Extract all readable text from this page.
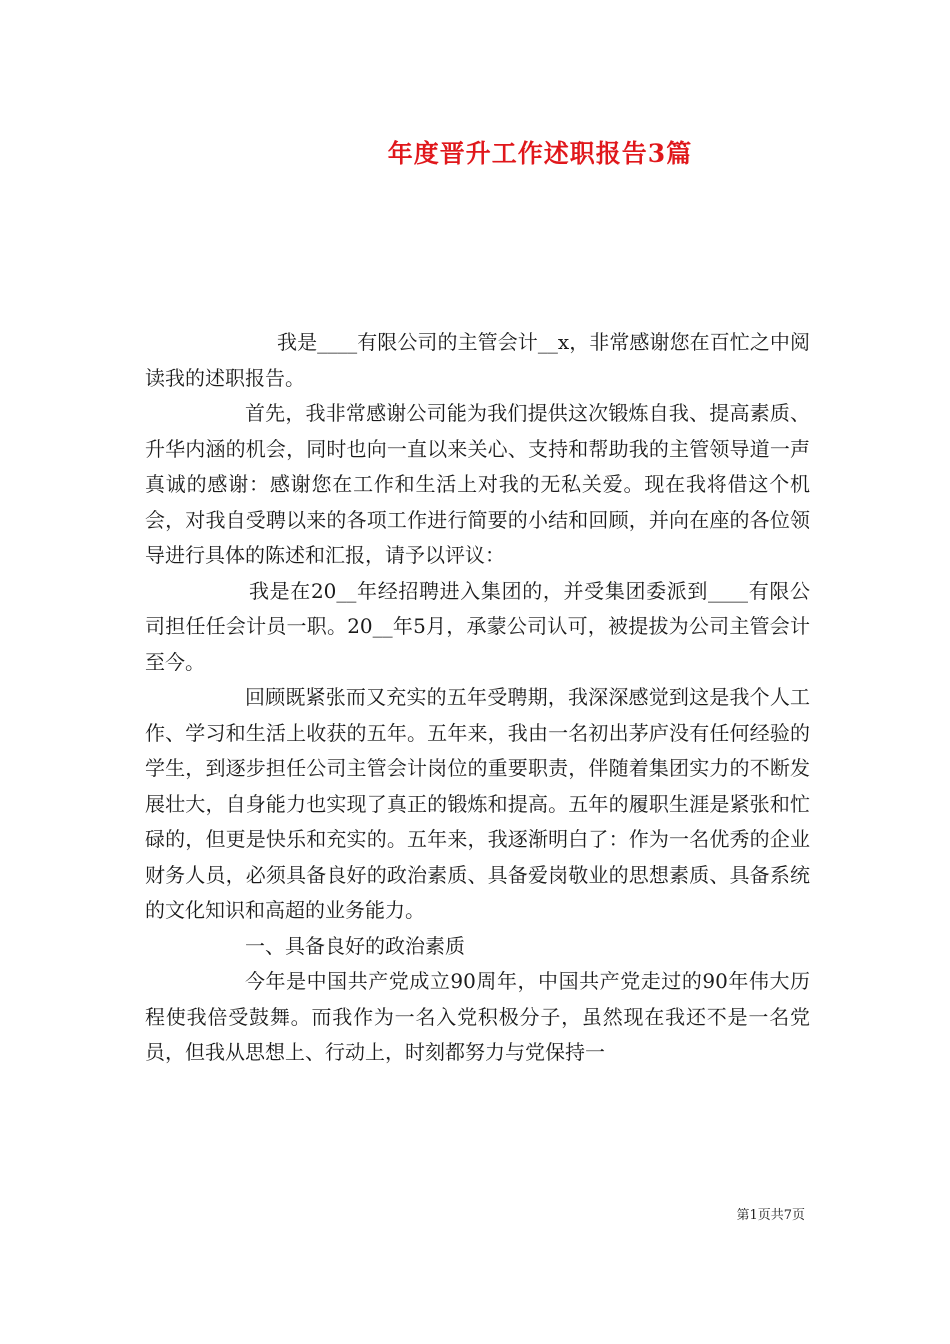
年度晋升工作述职报告3篇

我是____有限公司的主管会计__x，非常感谢您在百忙之中阅读我的述职报告。

首先，我非常感谢公司能为我们提供这次锻炼自我、提高素质、升华内涵的机会，同时也向一直以来关心、支持和帮助我的主管领导道一声真诚的感谢：感谢您在工作和生活上对我的无私关爱。现在我将借这个机会，对我自受聘以来的各项工作进行简要的小结和回顾，并向在座的各位领导进行具体的陈述和汇报，请予以评议：

我是在20__年经招聘进入集团的，并受集团委派到____有限公司担任任会计员一职。20__年5月，承蒙公司认可，被提拔为公司主管会计至今。

回顾既紧张而又充实的五年受聘期，我深深感觉到这是我个人工作、学习和生活上收获的五年。五年来，我由一名初出茅庐没有任何经验的学生，到逐步担任公司主管会计岗位的重要职责，伴随着集团实力的不断发展壮大，自身能力也实现了真正的锻炼和提高。五年的履职生涯是紧张和忙碌的，但更是快乐和充实的。五年来，我逐渐明白了：作为一名优秀的企业财务人员，必须具备良好的政治素质、具备爱岗敬业的思想素质、具备系统的文化知识和高超的业务能力。

一、具备良好的政治素质

今年是中国共产党成立90周年，中国共产党走过的90年伟大历程使我倍受鼓舞。而我作为一名入党积极分子，虽然现在我还不是一名党员，但我从思想上、行动上，时刻都努力与党保持一

第1页共7页
